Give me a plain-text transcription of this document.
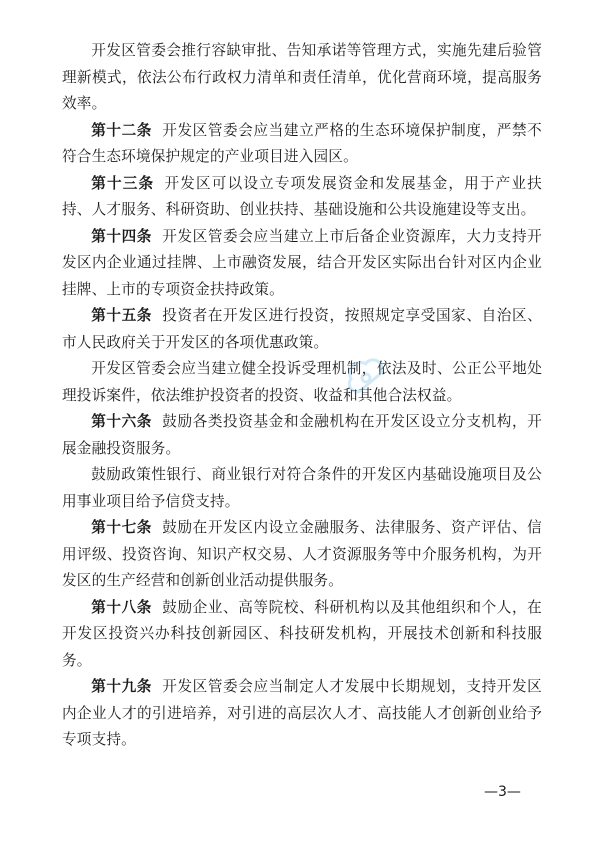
开发区管委会推行容缺审批、告知承诺等管理方式，实施先建后验管理新模式，依法公布行政权力清单和责任清单，优化营商环境，提高服务效率。

第十二条 开发区管委会应当建立严格的生态环境保护制度，严禁不符合生态环境保护规定的产业项目进入园区。

第十三条 开发区可以设立专项发展资金和发展基金，用于产业扶持、人才服务、科研资助、创业扶持、基础设施和公共设施建设等支出。

第十四条 开发区管委会应当建立上市后备企业资源库，大力支持开发区内企业通过挂牌、上市融资发展，结合开发区实际出台针对区内企业挂牌、上市的专项资金扶持政策。

第十五条 投资者在开发区进行投资，按照规定享受国家、自治区、市人民政府关于开发区的各项优惠政策。

开发区管委会应当建立健全投诉受理机制，依法及时、公正公平地处理投诉案件，依法维护投资者的投资、收益和其他合法权益。

第十六条 鼓励各类投资基金和金融机构在开发区设立分支机构，开展金融投资服务。

鼓励政策性银行、商业银行对符合条件的开发区内基础设施项目及公用事业项目给予信贷支持。

第十七条 鼓励在开发区内设立金融服务、法律服务、资产评估、信用评级、投资咨询、知识产权交易、人才资源服务等中介服务机构，为开发区的生产经营和创新创业活动提供服务。

第十八条 鼓励企业、高等院校、科研机构以及其他组织和个人，在开发区投资兴办科技创新园区、科技研发机构，开展技术创新和科技服务。

第十九条 开发区管委会应当制定人才发展中长期规划，支持开发区内企业人才的引进培养，对引进的高层次人才、高技能人才创新创业给予专项支持。

—3—
